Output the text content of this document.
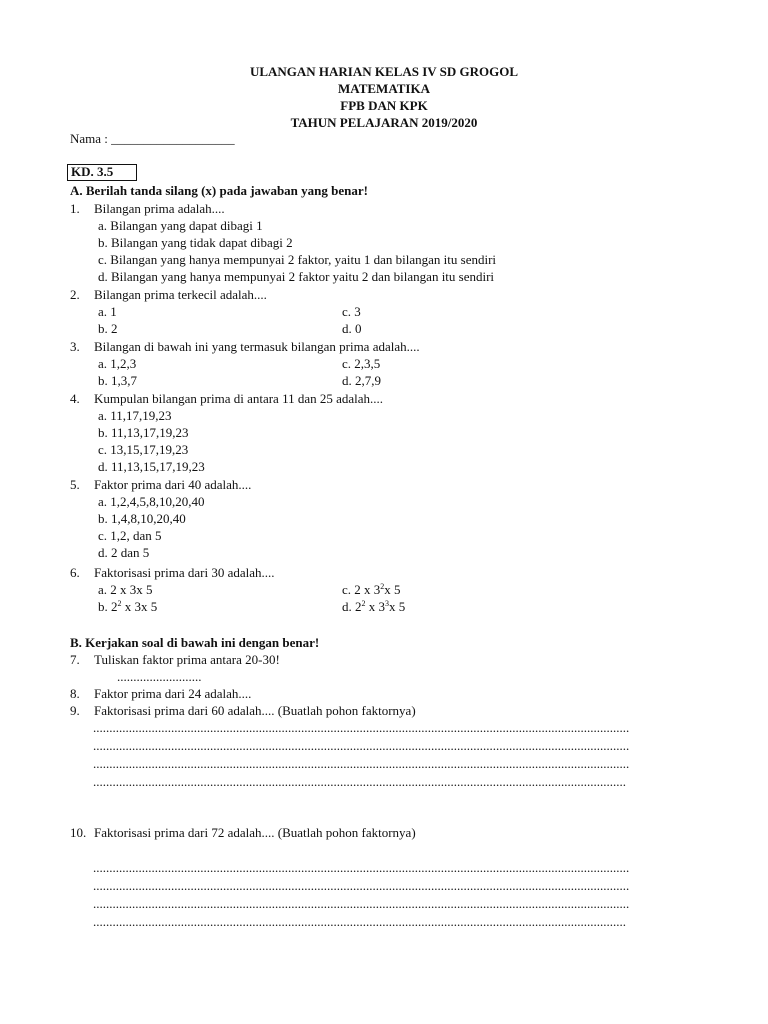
ULANGAN HARIAN KELAS IV SD GROGOL
MATEMATIKA
FPB DAN KPK
TAHUN PELAJARAN 2019/2020
Nama : ___________________
KD. 3.5
A. Berilah tanda silang (x) pada jawaban yang benar!
1. Bilangan prima adalah....
a. Bilangan yang dapat dibagi 1
b. Bilangan yang tidak dapat dibagi 2
c. Bilangan yang hanya mempunyai 2 faktor, yaitu 1 dan bilangan itu sendiri
d. Bilangan yang hanya mempunyai 2 faktor yaitu 2 dan bilangan itu sendiri
2. Bilangan prima terkecil adalah....
a. 1	c. 3
b. 2	d. 0
3. Bilangan di bawah ini yang termasuk bilangan prima adalah....
a. 1,2,3	c. 2,3,5
b. 1,3,7	d. 2,7,9
4. Kumpulan bilangan prima di antara 11 dan 25 adalah....
a. 11,17,19,23
b. 11,13,17,19,23
c. 13,15,17,19,23
d. 11,13,15,17,19,23
5. Faktor prima dari 40 adalah....
a. 1,2,4,5,8,10,20,40
b. 1,4,8,10,20,40
c. 1,2, dan 5
d. 2 dan 5
6. Faktorisasi prima dari 30 adalah....
a. 2 x 3x 5	c. 2 x $3^2x$ 5
b. $2^2$ x 3x 5	d. $2^2$ x $3^3x$ 5
B. Kerjakan soal di bawah ini dengan benar!
7. Tuliskan faktor prima antara 20-30!
..........................
8. Faktor prima dari 24 adalah....
9. Faktorisasi prima dari 60 adalah.... (Buatlah pohon faktornya)
.....................................................................................................................................................................
.....................................................................................................................................................................
.....................................................................................................................................................................
....................................................................................................................................................................
10. Faktorisasi prima dari 72 adalah.... (Buatlah pohon faktornya)
.....................................................................................................................................................................
.....................................................................................................................................................................
.....................................................................................................................................................................
....................................................................................................................................................................
